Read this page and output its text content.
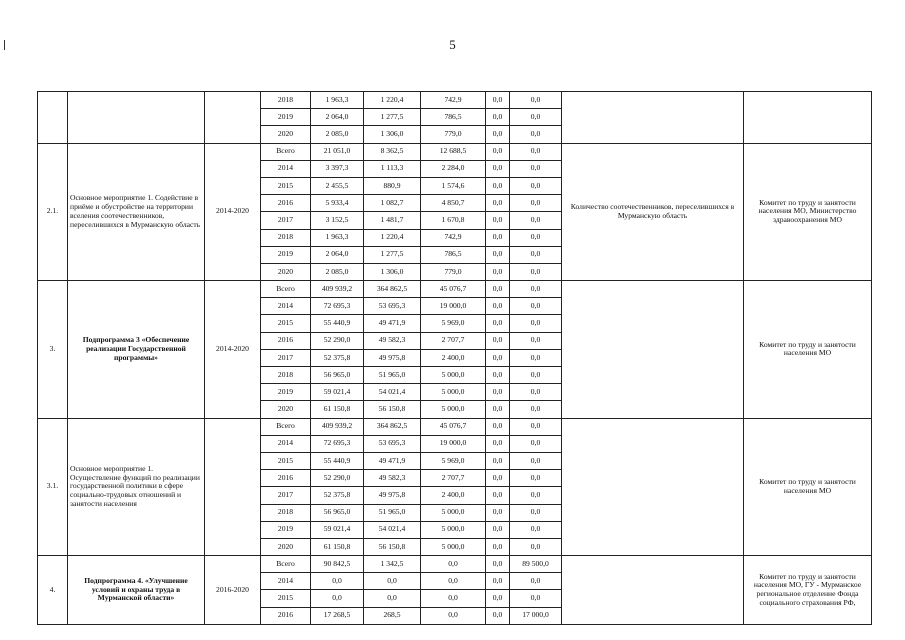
5
			2018	1 963,3	1 220,4	742,9	0,0	0,0		
			2019	2 064,0	1 277,5	786,5	0,0	0,0		
			2020	2 085,0	1 306,0	779,0	0,0	0,0		
2.1.	Основное мероприятие 1. Содействие в приёме и обустройстве на территории вселения соотечественников, переселившихся в Мурманскую область	2014-2020	Всего	21 051,0	8 362,5	12 688,5	0,0	0,0	Количество соотечественников, переселившихся в Мурманскую область	Комитет по труду и занятости населения МО, Министерство здравоохранения МО
			2014	3 397,3	1 113,3	2 284,0	0,0	0,0		
			2015	2 455,5	880,9	1 574,6	0,0	0,0		
			2016	5 933,4	1 082,7	4 850,7	0,0	0,0		
			2017	3 152,5	1 481,7	1 670,8	0,0	0,0		
			2018	1 963,3	1 220,4	742,9	0,0	0,0		
			2019	2 064,0	1 277,5	786,5	0,0	0,0		
			2020	2 085,0	1 306,0	779,0	0,0	0,0		
3.	Подпрограмма 3 «Обеспечение реализации Государственной программы»	2014-2020	Всего	409 939,2	364 862,5	45 076,7	0,0	0,0		Комитет по труду и занятости населения МО
			2014	72 695,3	53 695,3	19 000,0	0,0	0,0		
			2015	55 440,9	49 471,9	5 969,0	0,0	0,0		
			2016	52 290,0	49 582,3	2 707,7	0,0	0,0		
			2017	52 375,8	49 975,8	2 400,0	0,0	0,0		
			2018	56 965,0	51 965,0	5 000,0	0,0	0,0		
			2019	59 021,4	54 021,4	5 000,0	0,0	0,0		
			2020	61 150,8	56 150,8	5 000,0	0,0	0,0		
3.1.	Основное мероприятие 1. Осуществление функций по реализации государственной политики в сфере социально-трудовых отношений и занятости населения		Всего	409 939,2	364 862,5	45 076,7	0,0	0,0		Комитет по труду и занятости населения МО
			2014	72 695,3	53 695,3	19 000,0	0,0	0,0		
			2015	55 440,9	49 471,9	5 969,0	0,0	0,0		
			2016	52 290,0	49 582,3	2 707,7	0,0	0,0		
			2017	52 375,8	49 975,8	2 400,0	0,0	0,0		
			2018	56 965,0	51 965,0	5 000,0	0,0	0,0		
			2019	59 021,4	54 021,4	5 000,0	0,0	0,0		
			2020	61 150,8	56 150,8	5 000,0	0,0	0,0		
4.	Подпрограмма 4. «Улучшение условий и охраны труда в Мурманской области»	2016-2020	Всего	90 842,5	1 342,5	0,0	0,0	89 500,0		Комитет по труду и занятости населения МО, ГУ - Мурманское региональное отделение Фонда социального страхования РФ,
			2014	0,0	0,0	0,0	0,0	0,0		
			2015	0,0	0,0	0,0	0,0	0,0		
			2016	17 268,5	268,5	0,0	0,0	17 000,0		
